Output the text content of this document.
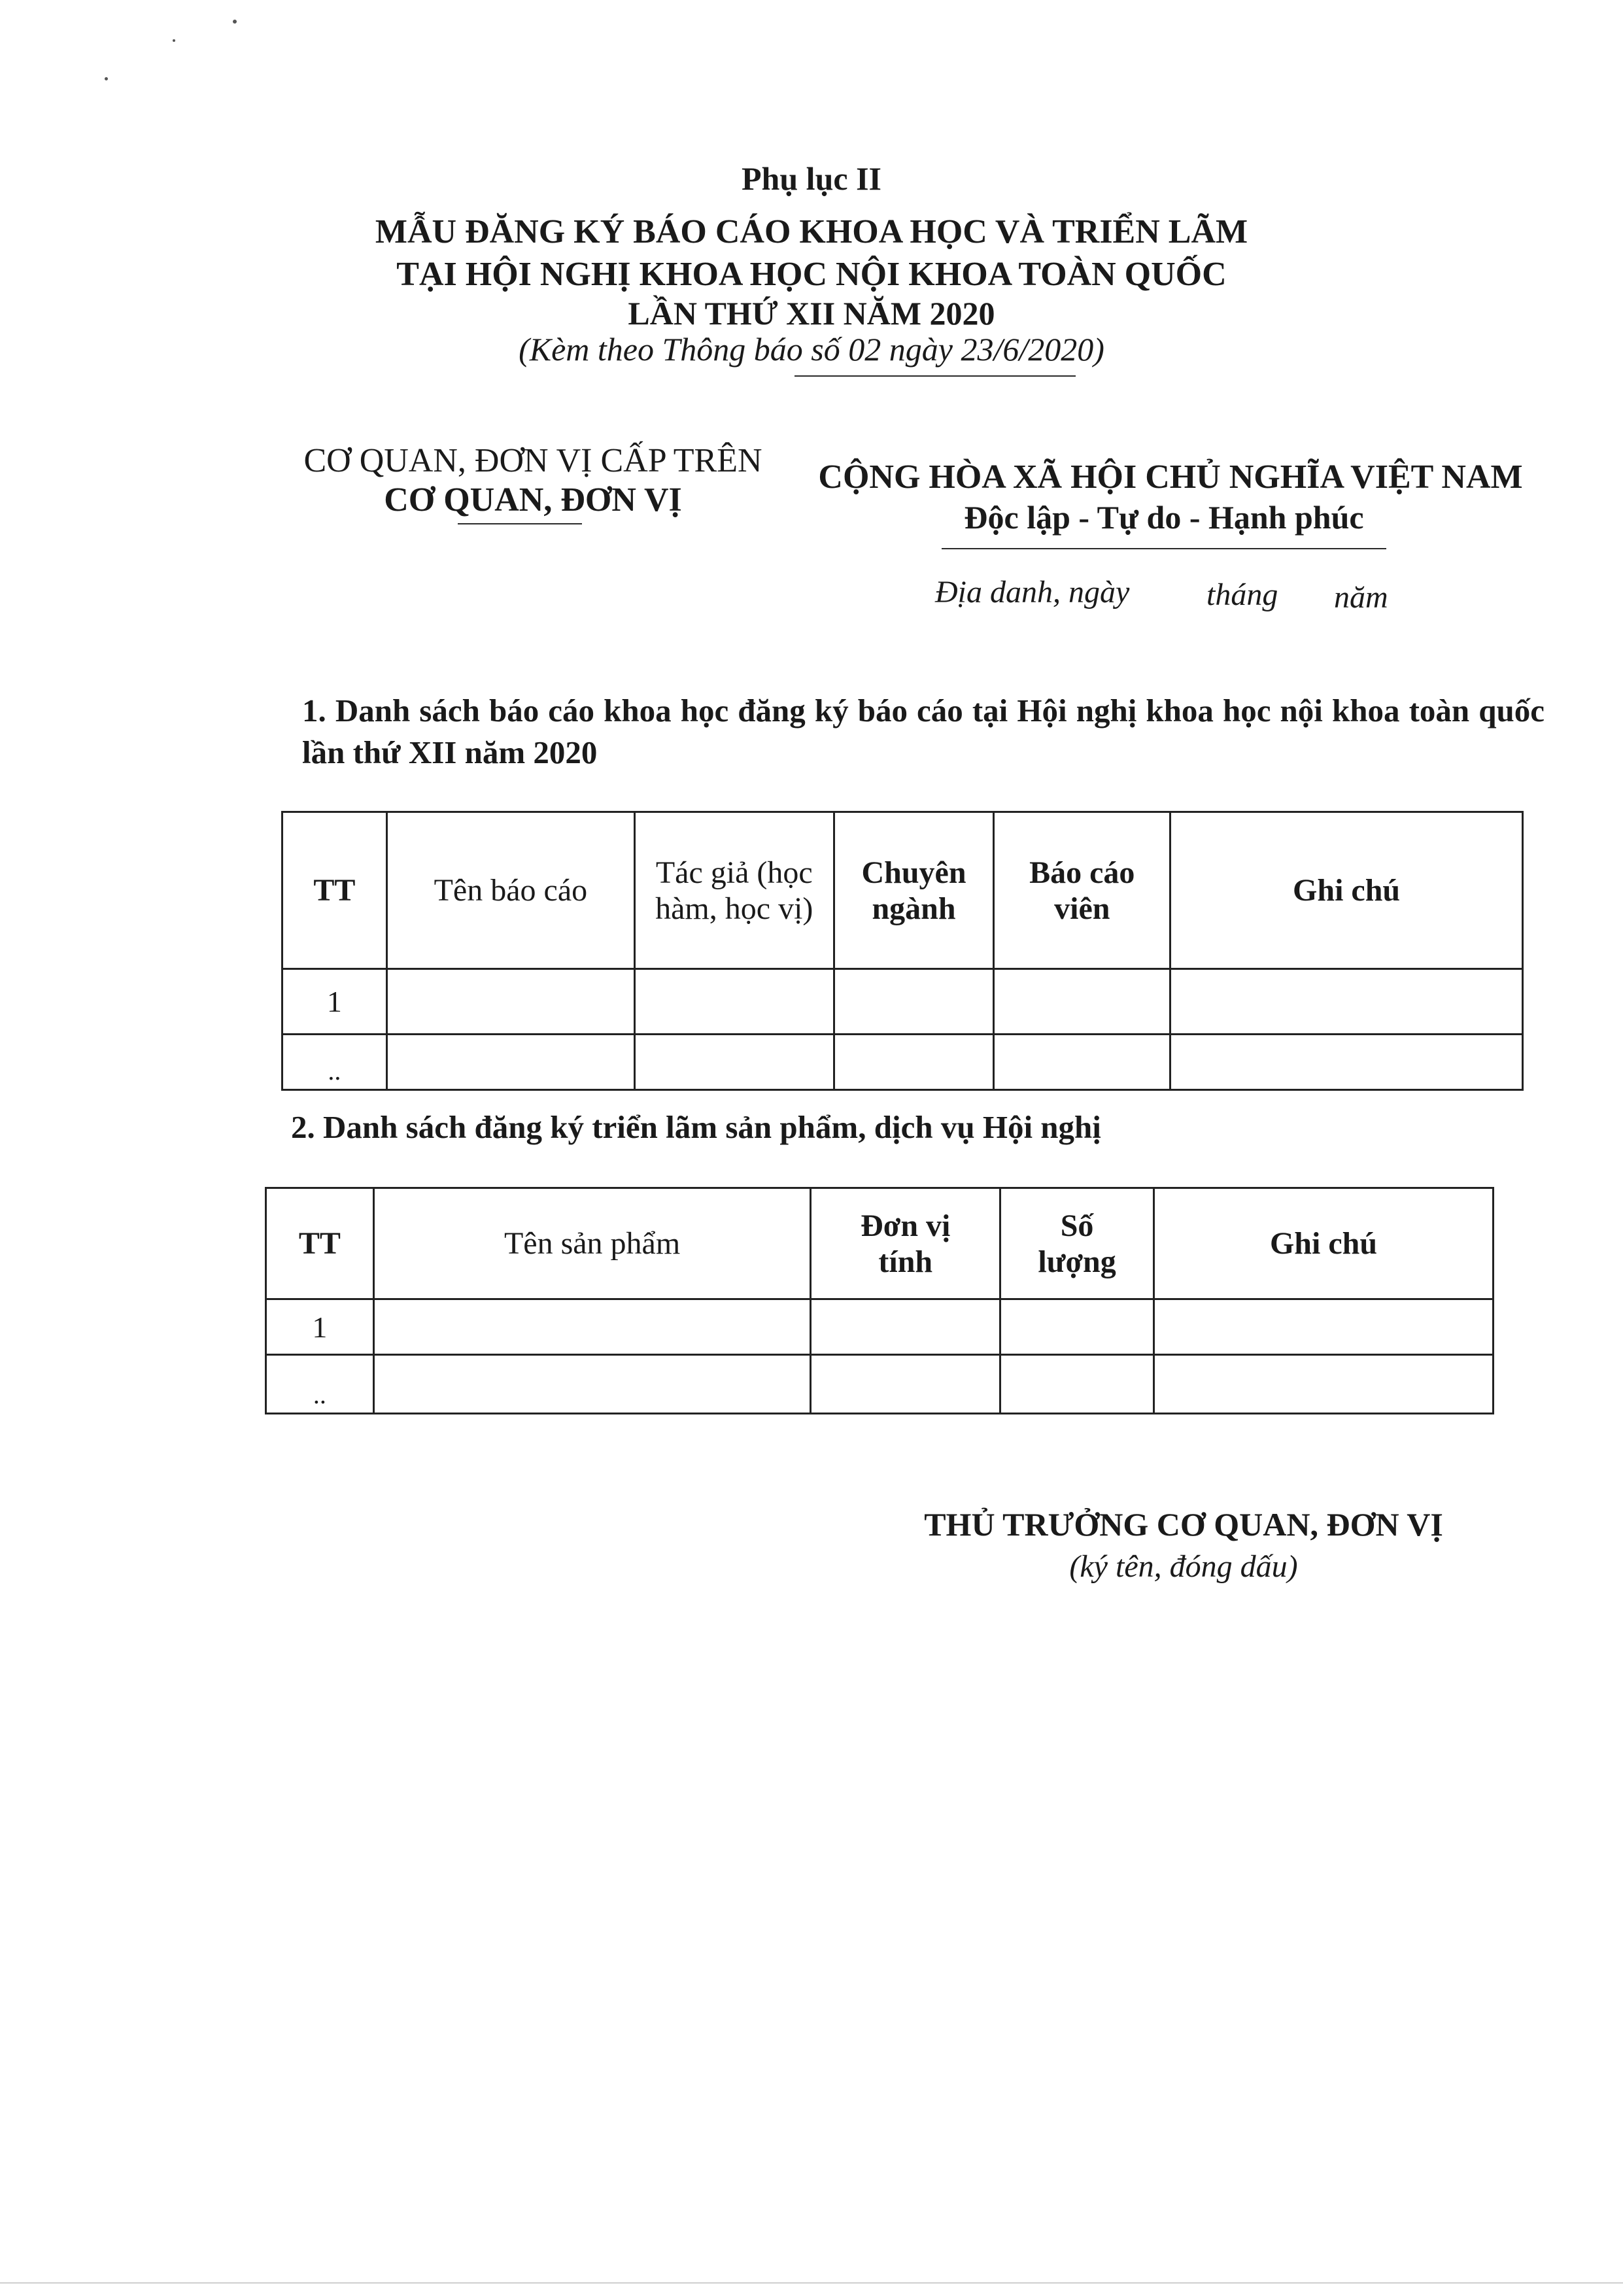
Phụ lục II
MẪU ĐĂNG KÝ BÁO CÁO KHOA HỌC VÀ TRIỂN LÃM
TẠI HỘI NGHỊ KHOA HỌC NỘI KHOA TOÀN QUỐC
LẦN THỨ XII NĂM 2020
(Kèm theo Thông báo số 02 ngày 23/6/2020)
CƠ QUAN, ĐƠN VỊ CẤP TRÊN
CƠ QUAN, ĐƠN VỊ
CỘNG HÒA XÃ HỘI CHỦ NGHĨA VIỆT NAM
Độc lập - Tự do - Hạnh phúc
Địa danh, ngày tháng năm
1. Danh sách báo cáo khoa học đăng ký báo cáo tại Hội nghị khoa học nội khoa toàn quốc lần thứ XII năm 2020
TT	Tên báo cáo	Tác giả (học hàm, học vị)	Chuyên ngành	Báo cáo viên	Ghi chú
1					
..					
2. Danh sách đăng ký triển lãm sản phẩm, dịch vụ Hội nghị
TT	Tên sản phẩm	Đơn vị tính	Số lượng	Ghi chú
1				
..				
THỦ TRƯỞNG CƠ QUAN, ĐƠN VỊ
(ký tên, đóng dấu)
